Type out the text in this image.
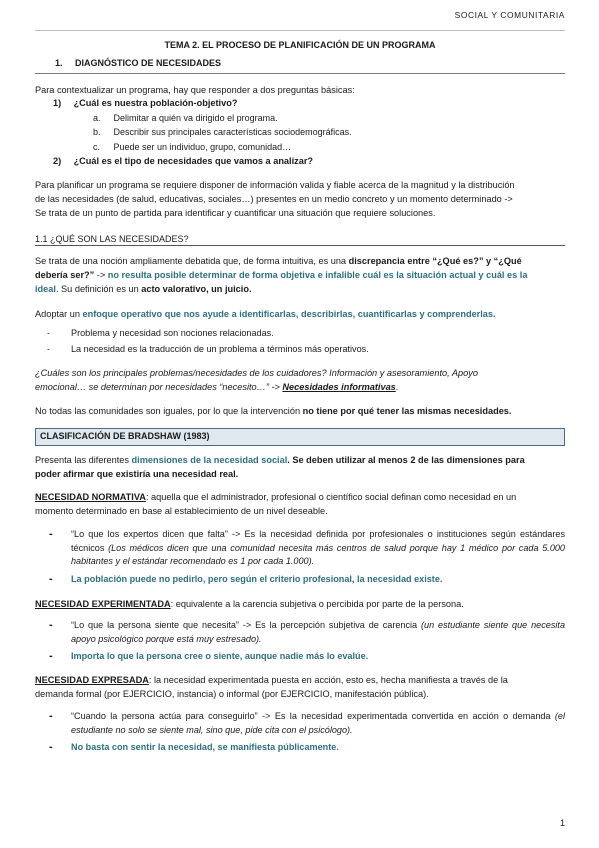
SOCIAL Y COMUNITARIA
TEMA 2. EL PROCESO DE PLANIFICACIÓN DE UN PROGRAMA
1. DIAGNÓSTICO DE NECESIDADES

Para contextualizar un programa, hay que responder a dos preguntas básicas:

1) ¿Cuál es nuestra población-objetivo?
a. Delimitar a quién va dirigido el programa.
b. Describir sus principales características sociodemográficas.
c. Puede ser un individuo, grupo, comunidad…
2) ¿Cuál es el tipo de necesidades que vamos a analizar?

Para planificar un programa se requiere disponer de información valida y fiable acerca de la magnitud y la distribución

de las necesidades (de salud, educativas, sociales…) presentes en un medio concreto y un momento determinado ->

Se trata de un punto de partida para identificar y cuantificar una situación que requiere soluciones.

1.1 ¿QUÉ SON LAS NECESIDADES?

Se trata de una noción ampliamente debatida que, de forma intuitiva, es una discrepancia entre “¿Qué es?” y “¿Qué

debería ser?” -> no resulta posible determinar de forma objetiva e infalible cuál es la situación actual y cuál es la

ideal. Su definición es un acto valorativo, un juicio.

Adoptar un enfoque operativo que nos ayude a identificarlas, describirlas, cuantificarlas y comprenderlas.

- Problema y necesidad son nociones relacionadas.
- La necesidad es la traducción de un problema a términos más operativos.

¿Cuáles son los principales problemas/necesidades de los cuidadores? Información y asesoramiento, Apoyo

emocional… se determinan por necesidades “necesito…” -> Necesidades informativas.

No todas las comunidades son iguales, por lo que la intervención no tiene por qué tener las mismas necesidades.

CLASIFICACIÓN DE BRADSHAW (1983)

Presenta las diferentes dimensiones de la necesidad social. Se deben utilizar al menos 2 de las dimensiones para

poder afirmar que existiría una necesidad real.

NECESIDAD NORMATIVA: aquella que el administrador, profesional o científico social definan como necesidad en un

momento determinado en base al establecimiento de un nivel deseable.

- “Lo que los expertos dicen que falta” -> Es la necesidad definida por profesionales o instituciones según estándares técnicos (Los médicos dicen que una comunidad necesita más centros de salud porque hay 1 médico por cada 5.000 habitantes y el estándar recomendado es 1 por cada 1.000).
- La población puede no pedirlo, pero según el criterio profesional, la necesidad existe.

NECESIDAD EXPERIMENTADA: equivalente a la carencia subjetiva o percibida por parte de la persona.

- “Lo que la persona siente que necesita” -> Es la percepción subjetiva de carencia (un estudiante siente que necesita apoyo psicológico porque está muy estresado).
- Importa lo que la persona cree o siente, aunque nadie más lo evalúe.

NECESIDAD EXPRESADA: la necesidad experimentada puesta en acción, esto es, hecha manifiesta a través de la

demanda formal (por EJERCICIO, instancia) o informal (por EJERCICIO, manifestación pública).

- “Cuando la persona actúa para conseguirlo” -> Es la necesidad experimentada convertida en acción o demanda (el estudiante no solo se siente mal, sino que, pide cita con el psicólogo).
- No basta con sentir la necesidad, se manifiesta públicamente.
1
